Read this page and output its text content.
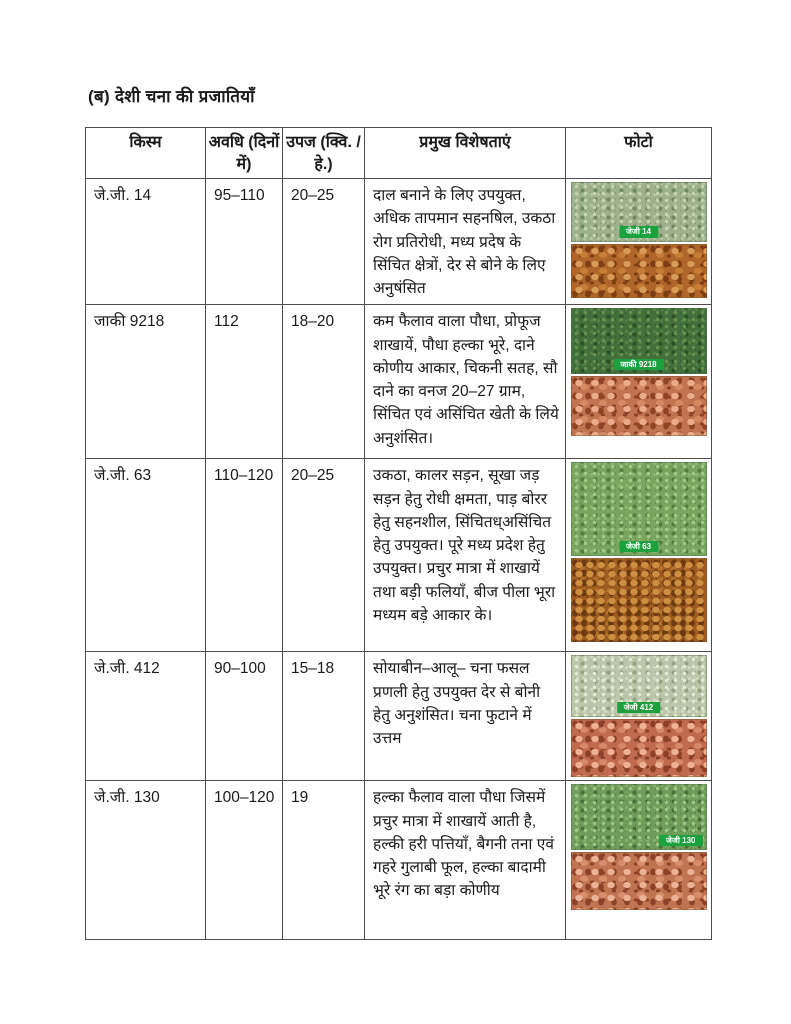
(ब) देशी चना की प्रजातियाँ
किस्म	अवधि (दिनों में)	उपज (क्वि. /हे.)	प्रमुख विशेषताएं	फोटो
जे.जी. 14	95–110	20–25	दाल बनाने के लिए उपयुक्त, अधिक तापमान सहनषिल, उकठा रोग प्रतिरोधी, मध्य प्रदेष के सिंचित क्षेत्रों, देर से बोने के लिए अनुषंसित	जेजी 14

जाकी 9218	112	18–20	कम फैलाव वाला पौधा, प्रोफूज शाखायें, पौधा हल्का भूरे, दाने कोणीय आकार, चिकनी सतह, सौ दाने का वनज 20–27 ग्राम, सिंचित एवं असिंचित खेती के लिये अनुशंसित।	जाकी 9218

जे.जी. 63	110–120	20–25	उकठा, कालर सड़न, सूखा जड़ सड़न हेतु रोधी क्षमता, पाड़ बोरर हेतु सहनशील, सिंचितध्असिंचित हेतु उपयुक्त। पूरे मध्य प्रदेश हेतु उपयुक्त। प्रचुर मात्रा में शाखायें तथा बड़ी फलियाँ, बीज पीला भूरा मध्यम बड़े आकार के।	जेजी 63

जे.जी. 412	90–100	15–18	सोयाबीन–आलू– चना फसल प्रणली हेतु उपयुक्त देर से बोनी हेतु अनुशंसित। चना फुटाने में उत्तम	जेजी 412

जे.जी. 130	100–120	19	हल्का फैलाव वाला पौधा जिसमें प्रचुर मात्रा में शाखायें आती है, हल्की हरी पत्तियाँ, बैगनी तना एवं गहरे गुलाबी फूल, हल्का बादामी भूरे रंग का बड़ा कोणीय	जेजी 130
